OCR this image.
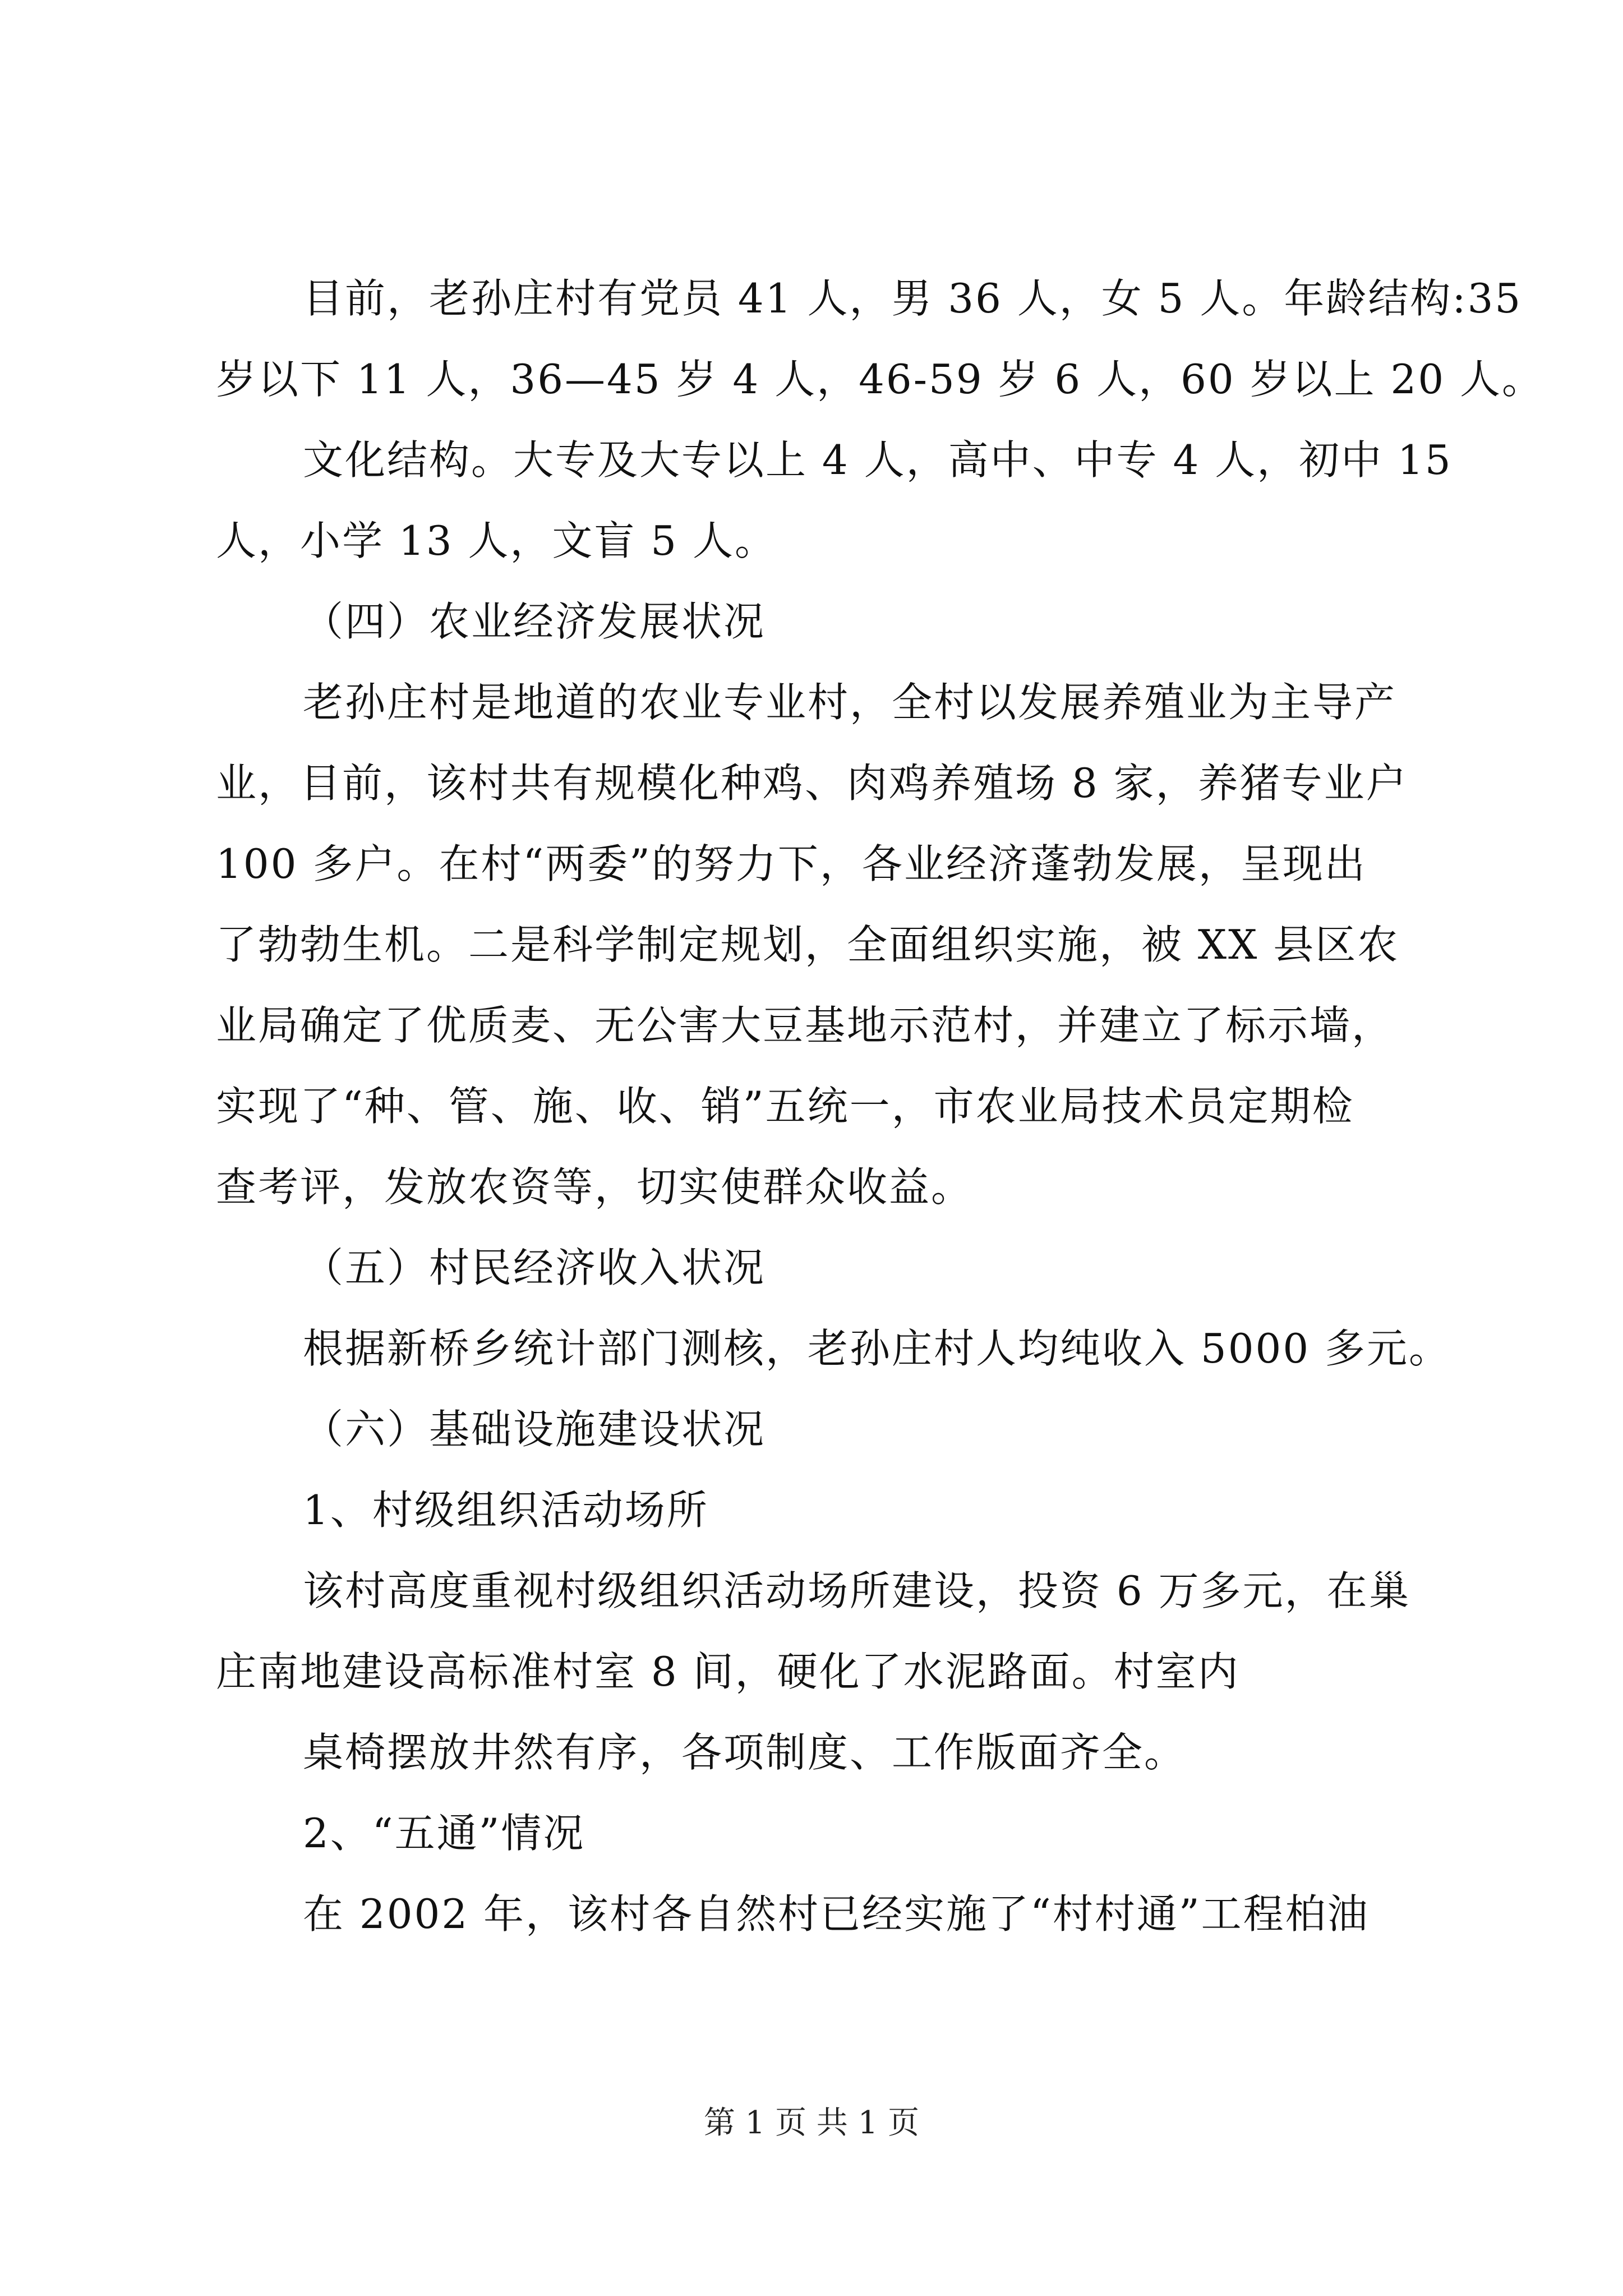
目前，老孙庄村有党员 41 人，男 36 人，女 5 人。年龄结构:35
岁以下 11 人，36—45 岁 4 人，46-59 岁 6 人，60 岁以上 20 人。
文化结构。大专及大专以上 4 人，高中、中专 4 人，初中 15
人，小学 13 人，文盲 5 人。
（四）农业经济发展状况
老孙庄村是地道的农业专业村，全村以发展养殖业为主导产
业，目前，该村共有规模化种鸡、肉鸡养殖场 8 家，养猪专业户
100 多户。在村“两委”的努力下，各业经济蓬勃发展，呈现出
了勃勃生机。二是科学制定规划，全面组织实施，被 XX 县区农
业局确定了优质麦、无公害大豆基地示范村，并建立了标示墙，
实现了“种、管、施、收、销”五统一，市农业局技术员定期检
查考评，发放农资等，切实使群众收益。
（五）村民经济收入状况
根据新桥乡统计部门测核，老孙庄村人均纯收入 5000 多元。
（六）基础设施建设状况
1、村级组织活动场所
该村高度重视村级组织活动场所建设，投资 6 万多元，在巢
庄南地建设高标准村室 8 间，硬化了水泥路面。村室内
桌椅摆放井然有序，各项制度、工作版面齐全。
2、“五通”情况
在 2002 年，该村各自然村已经实施了“村村通”工程柏油
第 1 页 共 1 页
